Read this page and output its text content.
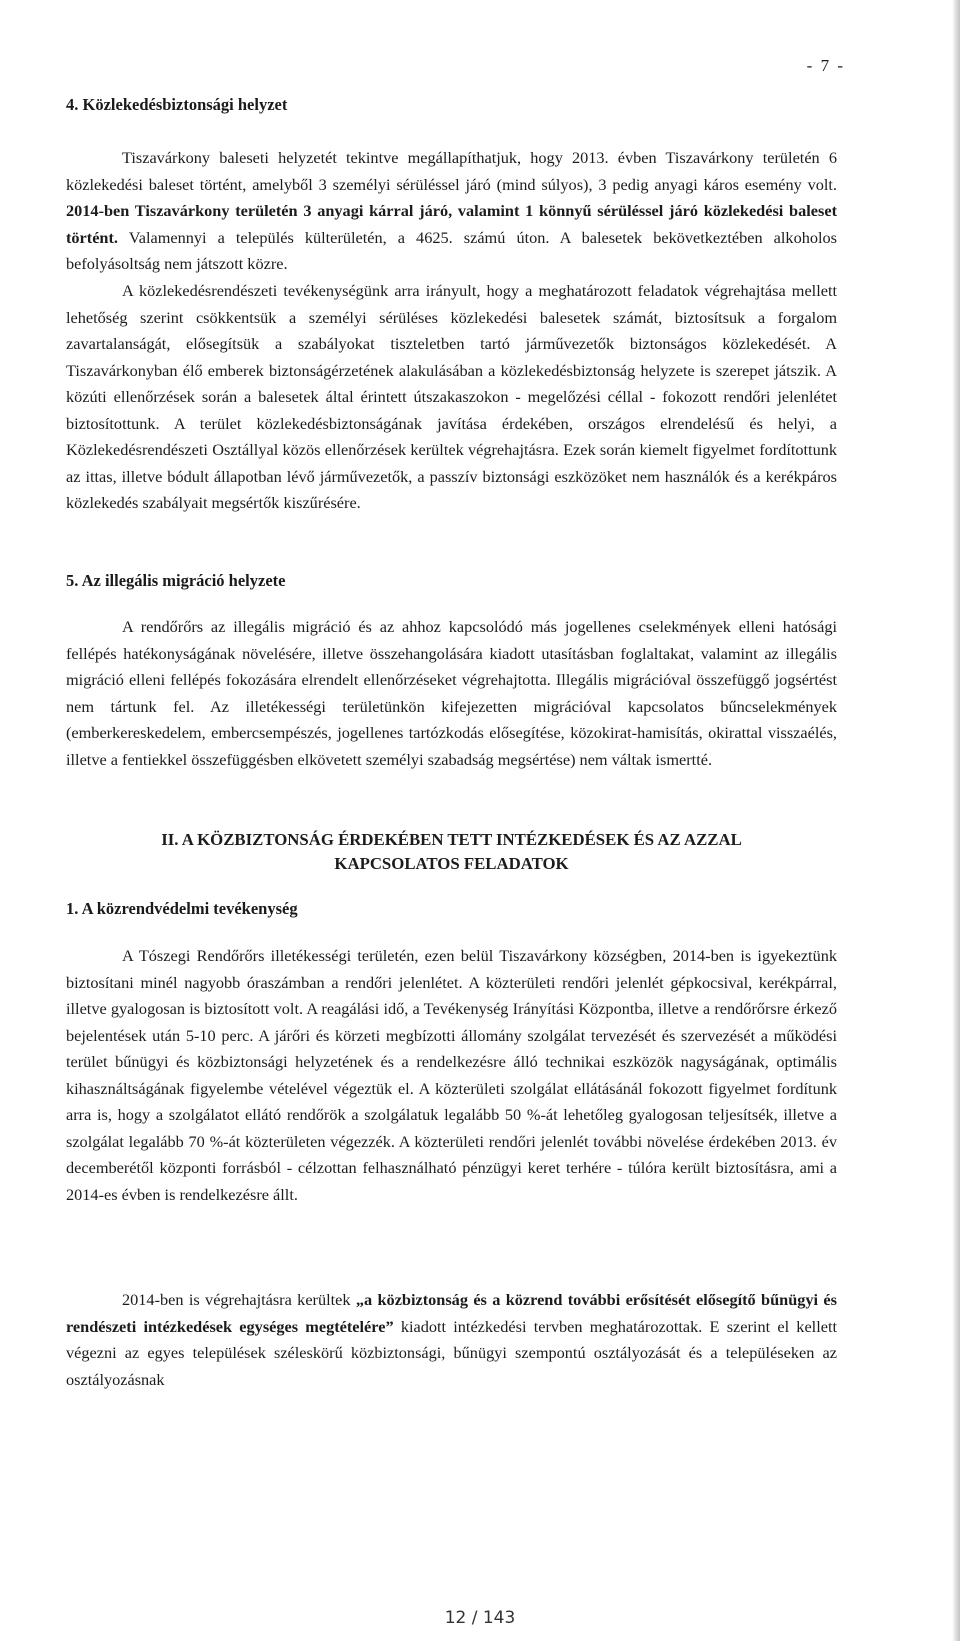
- 7 -
4. Közlekedésbiztonsági helyzet
Tiszavárkony baleseti helyzetét tekintve megállapíthatjuk, hogy 2013. évben Tiszavárkony területén 6 közlekedési baleset történt, amelyből 3 személyi sérüléssel járó (mind súlyos), 3 pedig anyagi káros esemény volt. 2014-ben Tiszavárkony területén 3 anyagi kárral járó, valamint 1 könnyű sérüléssel járó közlekedési baleset történt. Valamennyi a település külterületén, a 4625. számú úton. A balesetek bekövetkeztében alkoholos befolyásoltság nem játszott közre.
A közlekedésrendészeti tevékenységünk arra irányult, hogy a meghatározott feladatok végrehajtása mellett lehetőség szerint csökkentsük a személyi sérüléses közlekedési balesetek számát, biztosítsuk a forgalom zavartalanságát, elősegítsük a szabályokat tiszteletben tartó járművezetők biztonságos közlekedését. A Tiszavárkonyban élő emberek biztonságérzetének alakulásában a közlekedésbiztonság helyzete is szerepet játszik. A közúti ellenőrzések során a balesetek által érintett útszakaszokon - megelőzési céllal - fokozott rendőri jelenlétet biztosítottunk. A terület közlekedésbiztonságának javítása érdekében, országos elrendelésű és helyi, a Közlekedésrendészeti Osztállyal közös ellenőrzések kerültek végrehajtásra. Ezek során kiemelt figyelmet fordítottunk az ittas, illetve bódult állapotban lévő járművezetők, a passzív biztonsági eszközöket nem használók és a kerékpáros közlekedés szabályait megsértők kiszűrésére.
5. Az illegális migráció helyzete
A rendőrőrs az illegális migráció és az ahhoz kapcsolódó más jogellenes cselekmények elleni hatósági fellépés hatékonyságának növelésére, illetve összehangolására kiadott utasításban foglaltakat, valamint az illegális migráció elleni fellépés fokozására elrendelt ellenőrzéseket végrehajtotta. Illegális migrációval összefüggő jogsértést nem tártunk fel. Az illetékességi területünkön kifejezetten migrációval kapcsolatos bűncselekmények (emberkereskedelem, embercsempészés, jogellenes tartózkodás elősegítése, közokirat-hamisítás, okirattal visszaélés, illetve a fentiekkel összefüggésben elkövetett személyi szabadság megsértése) nem váltak ismertté.
II. A KÖZBIZTONSÁG ÉRDEKÉBEN TETT INTÉZKEDÉSEK ÉS AZ AZZAL
KAPCSOLATOS FELADATOK
1. A közrendvédelmi tevékenység
A Tószegi Rendőrőrs illetékességi területén, ezen belül Tiszavárkony községben, 2014-ben is igyekeztünk biztosítani minél nagyobb óraszámban a rendőri jelenlétet. A közterületi rendőri jelenlét gépkocsival, kerékpárral, illetve gyalogosan is biztosított volt. A reagálási idő, a Tevékenység Irányítási Központba, illetve a rendőrőrsre érkező bejelentések után 5-10 perc. A járőri és körzeti megbízotti állomány szolgálat tervezését és szervezését a működési terület bűnügyi és közbiztonsági helyzetének és a rendelkezésre álló technikai eszközök nagyságának, optimális kihasználtságának figyelembe vételével végeztük el. A közterületi szolgálat ellátásánál fokozott figyelmet fordítunk arra is, hogy a szolgálatot ellátó rendőrök a szolgálatuk legalább 50 %-át lehetőleg gyalogosan teljesítsék, illetve a szolgálat legalább 70 %-át közterületen végezzék. A közterületi rendőri jelenlét további növelése érdekében 2013. év decemberétől központi forrásból - célzottan felhasználható pénzügyi keret terhére - túlóra került biztosításra, ami a 2014-es évben is rendelkezésre állt.
2014-ben is végrehajtásra kerültek „a közbiztonság és a közrend további erősítését elősegítő bűnügyi és rendészeti intézkedések egységes megtételére” kiadott intézkedési tervben meghatározottak. E szerint el kellett végezni az egyes települések széleskörű közbiztonsági, bűnügyi szempontú osztályozását és a településeken az osztályozásnak
12 / 143
